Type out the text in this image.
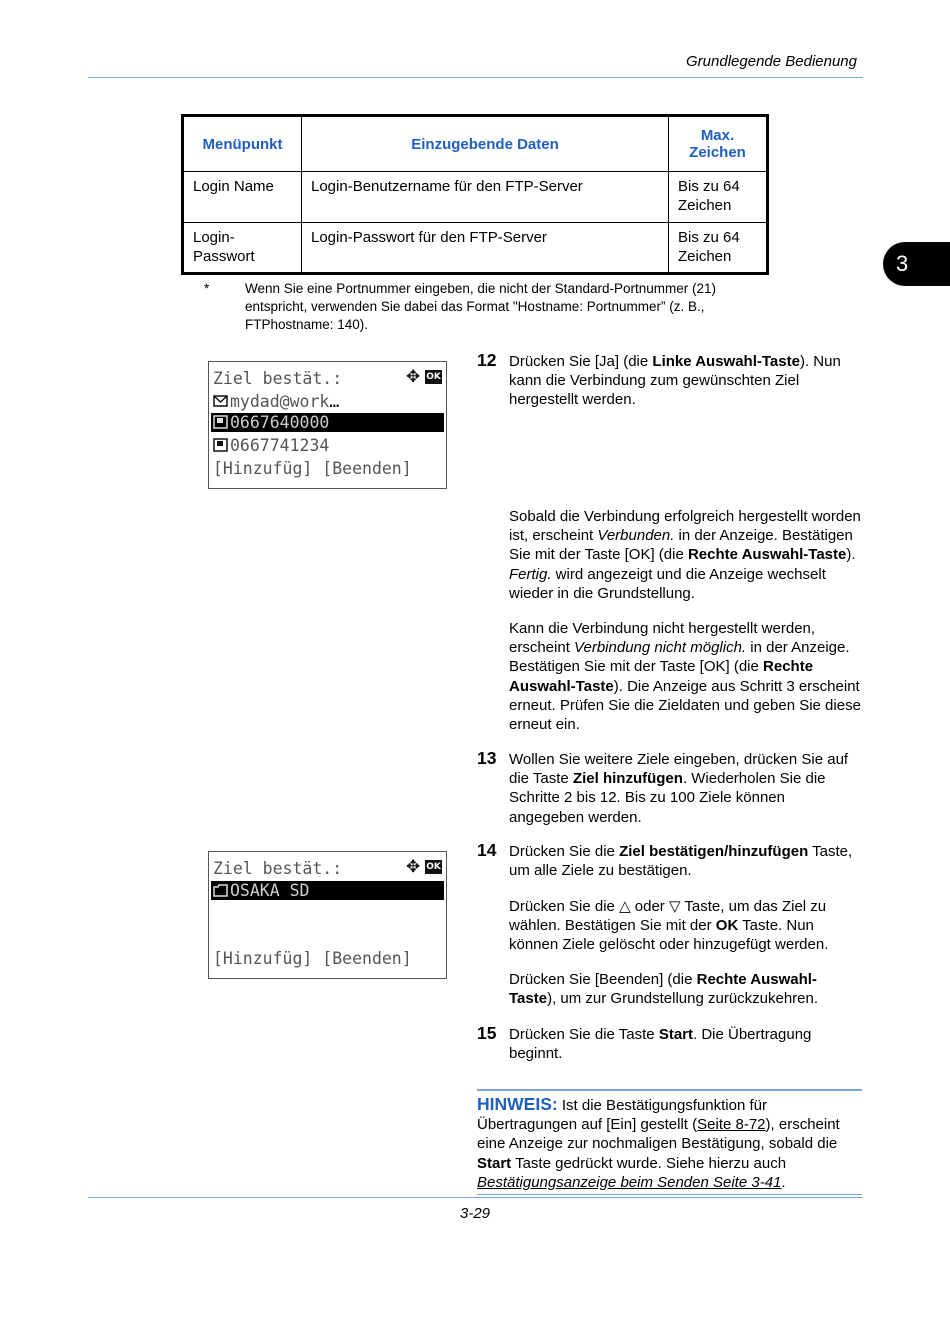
Grundlegende Bedienung
3
Menüpunkt	Einzugebende Daten	Max. Zeichen
Login Name	Login-Benutzername für den FTP-Server	Bis zu 64 Zeichen
Login-Passwort	Login-Passwort für den FTP-Server	Bis zu 64 Zeichen
*	Wenn Sie eine Portnummer eingeben, die nicht der Standard-Portnummer (21) entspricht, verwenden Sie dabei das Format "Hostname: Portnummer” (z. B., FTPhostname: 140).
Ziel bestät.:	✥ OK
mydad@work…
0667640000
0667741234
[Hinzufüg] [Beenden]
Ziel bestät.:	✥ OK
OSAKA SD
[Hinzufüg] [Beenden]
12 Drücken Sie [Ja] (die Linke Auswahl-Taste). Nun kann die Verbindung zum gewünschten Ziel hergestellt werden.
Sobald die Verbindung erfolgreich hergestellt worden ist, erscheint Verbunden. in der Anzeige. Bestätigen Sie mit der Taste [OK] (die Rechte Auswahl-Taste). Fertig. wird angezeigt und die Anzeige wechselt wieder in die Grundstellung.
Kann die Verbindung nicht hergestellt werden, erscheint Verbindung nicht möglich. in der Anzeige. Bestätigen Sie mit der Taste [OK] (die Rechte Auswahl-Taste). Die Anzeige aus Schritt 3 erscheint erneut. Prüfen Sie die Zieldaten und geben Sie diese erneut ein.
13 Wollen Sie weitere Ziele eingeben, drücken Sie auf die Taste Ziel hinzufügen. Wiederholen Sie die Schritte 2 bis 12. Bis zu 100 Ziele können angegeben werden.
14 Drücken Sie die Ziel bestätigen/hinzufügen Taste, um alle Ziele zu bestätigen.
Drücken Sie die △ oder ▽ Taste, um das Ziel zu wählen. Bestätigen Sie mit der OK Taste. Nun können Ziele gelöscht oder hinzugefügt werden.
Drücken Sie [Beenden] (die Rechte Auswahl-Taste), um zur Grundstellung zurückzukehren.
15 Drücken Sie die Taste Start. Die Übertragung beginnt.
HINWEIS: Ist die Bestätigungsfunktion für Übertragungen auf [Ein] gestellt (Seite 8-72), erscheint eine Anzeige zur nochmaligen Bestätigung, sobald die Start Taste gedrückt wurde. Siehe hierzu auch Bestätigungsanzeige beim Senden Seite 3-41.
3-29
